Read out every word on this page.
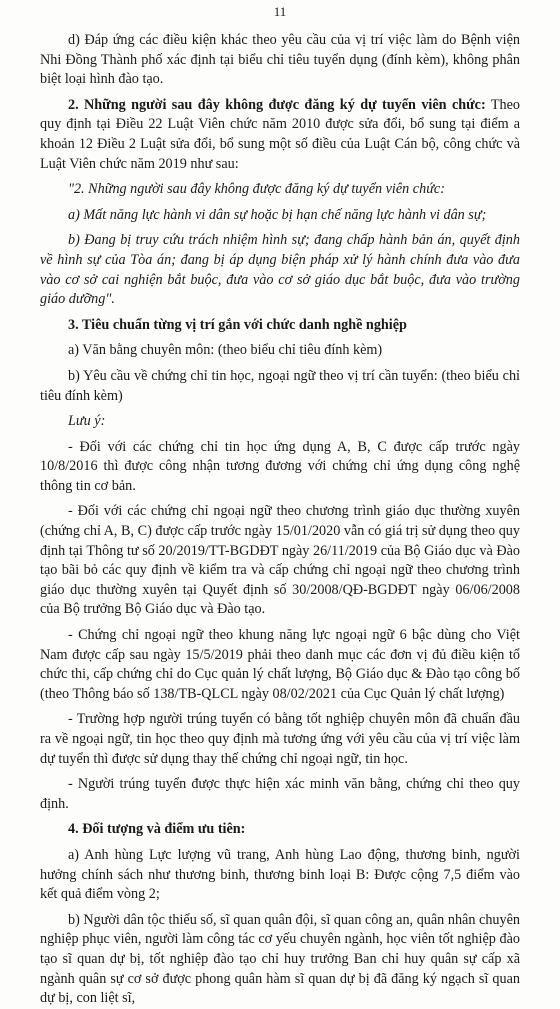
11

d) Đáp ứng các điều kiện khác theo yêu cầu của vị trí việc làm do Bệnh viện Nhi Đồng Thành phố xác định tại biểu chỉ tiêu tuyển dụng (đính kèm), không phân biệt loại hình đào tạo.

2. Những người sau đây không được đăng ký dự tuyển viên chức: Theo quy định tại Điều 22 Luật Viên chức năm 2010 được sửa đổi, bổ sung tại điểm a khoản 12 Điều 2 Luật sửa đổi, bổ sung một số điều của Luật Cán bộ, công chức và Luật Viên chức năm 2019 như sau:

"2. Những người sau đây không được đăng ký dự tuyển viên chức:

a) Mất năng lực hành vi dân sự hoặc bị hạn chế năng lực hành vi dân sự;

b) Đang bị truy cứu trách nhiệm hình sự; đang chấp hành bản án, quyết định về hình sự của Tòa án; đang bị áp dụng biện pháp xử lý hành chính đưa vào đưa vào cơ sở cai nghiện bắt buộc, đưa vào cơ sở giáo dục bắt buộc, đưa vào trường giáo dưỡng".

3. Tiêu chuẩn từng vị trí gắn với chức danh nghề nghiệp

a) Văn bằng chuyên môn: (theo biểu chỉ tiêu đính kèm)

b) Yêu cầu về chứng chỉ tin học, ngoại ngữ theo vị trí cần tuyển: (theo biểu chỉ tiêu đính kèm)

Lưu ý:

- Đối với các chứng chỉ tin học ứng dụng A, B, C được cấp trước ngày 10/8/2016 thì được công nhận tương đương với chứng chỉ ứng dụng công nghệ thông tin cơ bản.

- Đối với các chứng chỉ ngoại ngữ theo chương trình giáo dục thường xuyên (chứng chỉ A, B, C) được cấp trước ngày 15/01/2020 vẫn có giá trị sử dụng theo quy định tại Thông tư số 20/2019/TT-BGDĐT ngày 26/11/2019 của Bộ Giáo dục và Đào tạo bãi bỏ các quy định về kiểm tra và cấp chứng chỉ ngoại ngữ theo chương trình giáo dục thường xuyên tại Quyết định số 30/2008/QĐ-BGDĐT ngày 06/06/2008 của Bộ trưởng Bộ Giáo dục và Đào tạo.

- Chứng chỉ ngoại ngữ theo khung năng lực ngoại ngữ 6 bậc dùng cho Việt Nam được cấp sau ngày 15/5/2019 phải theo danh mục các đơn vị đủ điều kiện tổ chức thi, cấp chứng chỉ do Cục quản lý chất lượng, Bộ Giáo dục & Đào tạo công bố (theo Thông báo số 138/TB-QLCL ngày 08/02/2021 của Cục Quản lý chất lượng)

- Trường hợp người trúng tuyển có bằng tốt nghiệp chuyên môn đã chuẩn đầu ra về ngoại ngữ, tin học theo quy định mà tương ứng với yêu cầu của vị trí việc làm dự tuyển thì được sử dụng thay thế chứng chỉ ngoại ngữ, tin học.

- Người trúng tuyển được thực hiện xác minh văn bằng, chứng chỉ theo quy định.

4. Đối tượng và điểm ưu tiên:

a) Anh hùng Lực lượng vũ trang, Anh hùng Lao động, thương binh, người hưởng chính sách như thương binh, thương binh loại B: Được cộng 7,5 điểm vào kết quả điểm vòng 2;

b) Người dân tộc thiểu số, sĩ quan quân đội, sĩ quan công an, quân nhân chuyên nghiệp phục viên, người làm công tác cơ yếu chuyên ngành, học viên tốt nghiệp đào tạo sĩ quan dự bị, tốt nghiệp đào tạo chỉ huy trưởng Ban chỉ huy quân sự cấp xã ngành quân sự cơ sở được phong quân hàm sĩ quan dự bị đã đăng ký ngạch sĩ quan dự bị, con liệt sĩ,
